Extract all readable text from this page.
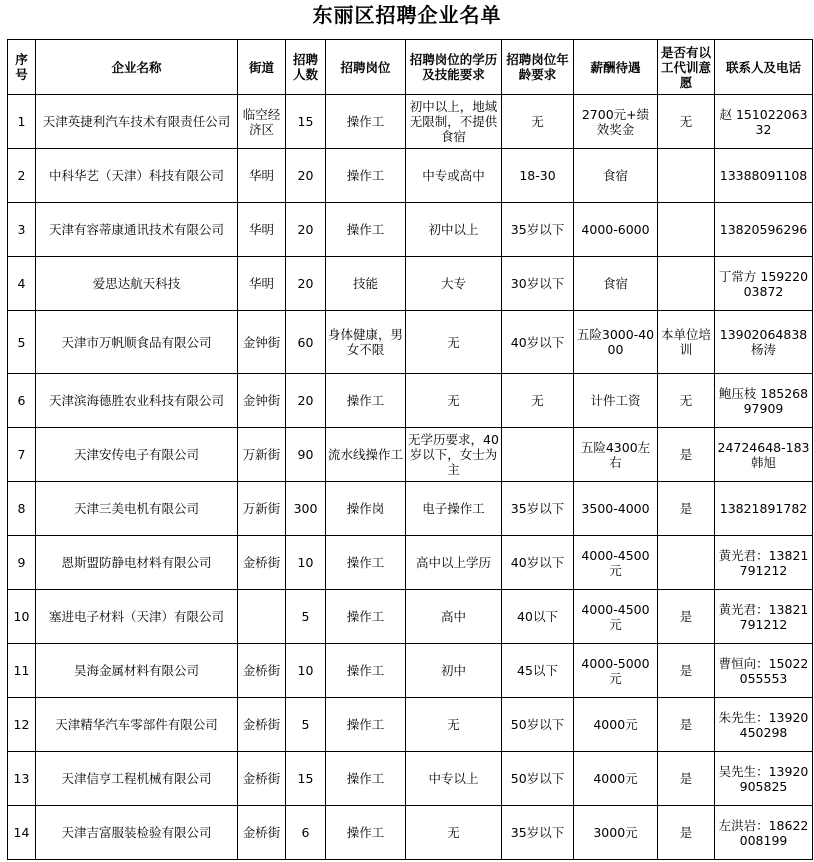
东丽区招聘企业名单
序号	企业名称	街道	招聘人数	招聘岗位	招聘岗位的学历及技能要求	招聘岗位年龄要求	薪酬待遇	是否有以工代训意愿	联系人及电话
1	天津英捷利汽车技术有限责任公司	临空经济区	15	操作工	初中以上，地域无限制，不提供食宿	无	2700元+绩效奖金	无	赵 15102206332
2	中科华艺（天津）科技有限公司	华明	20	操作工	中专或高中	18-30	食宿		13388091108
3	天津有容蒂康通讯技术有限公司	华明	20	操作工	初中以上	35岁以下	4000-6000		13820596296
4	爱思达航天科技	华明	20	技能	大专	30岁以下	食宿		丁常方 15922003872
5	天津市万帆顺食品有限公司	金钟街	60	身体健康，男女不限	无	40岁以下	五险3000-4000	本单位培训	13902064838杨涛
6	天津滨海德胜农业科技有限公司	金钟街	20	操作工	无	无	计件工资	无	鲍压枝 18526897909
7	天津安传电子有限公司	万新街	90	流水线操作工	无学历要求，40岁以下，女士为主		五险4300左右	是	24724648-183 韩旭
8	天津三美电机有限公司	万新街	300	操作岗	电子操作工	35岁以下	3500-4000	是	13821891782
9	恩斯盟防静电材料有限公司	金桥街	10	操作工	高中以上学历	40岁以下	4000-4500元		黄光君：13821791212
10	塞进电子材料（天津）有限公司		5	操作工	高中	40以下	4000-4500元	是	黄光君：13821791212
11	昊海金属材料有限公司	金桥街	10	操作工	初中	45以下	4000-5000元	是	曹恒向：15022055553
12	天津精华汽车零部件有限公司	金桥街	5	操作工	无	50岁以下	4000元	是	朱先生：13920450298
13	天津信亨工程机械有限公司	金桥街	15	操作工	中专以上	50岁以下	4000元	是	吴先生：13920905825
14	天津吉富服装检验有限公司	金桥街	6	操作工	无	35岁以下	3000元	是	左洪岩：18622008199
